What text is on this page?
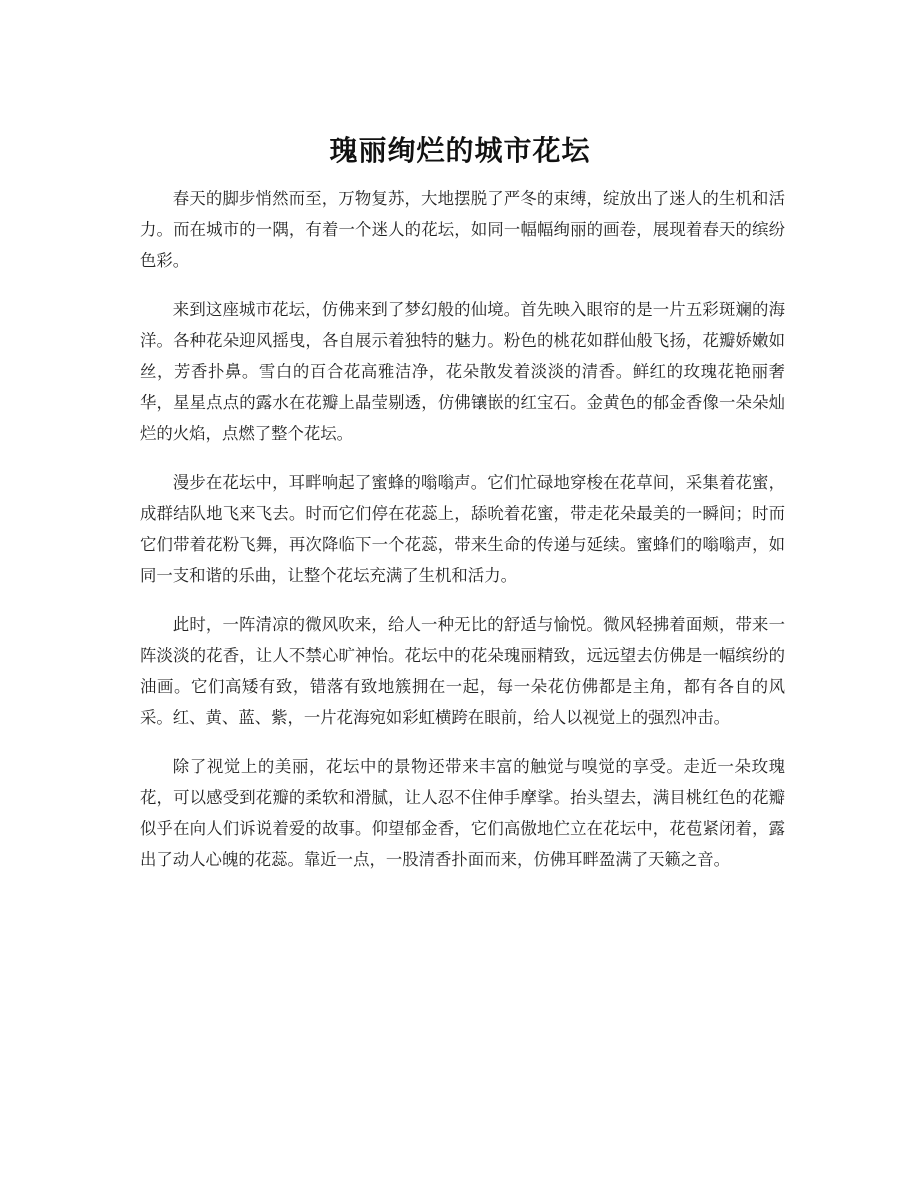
瑰丽绚烂的城市花坛

春天的脚步悄然而至，万物复苏，大地摆脱了严冬的束缚，绽放出了迷人的生机和活力。而在城市的一隅，有着一个迷人的花坛，如同一幅幅绚丽的画卷，展现着春天的缤纷色彩。

来到这座城市花坛，仿佛来到了梦幻般的仙境。首先映入眼帘的是一片五彩斑斓的海洋。各种花朵迎风摇曳，各自展示着独特的魅力。粉色的桃花如群仙般飞扬，花瓣娇嫩如丝，芳香扑鼻。雪白的百合花高雅洁净，花朵散发着淡淡的清香。鲜红的玫瑰花艳丽奢华，星星点点的露水在花瓣上晶莹剔透，仿佛镶嵌的红宝石。金黄色的郁金香像一朵朵灿烂的火焰，点燃了整个花坛。

漫步在花坛中，耳畔响起了蜜蜂的嗡嗡声。它们忙碌地穿梭在花草间，采集着花蜜，成群结队地飞来飞去。时而它们停在花蕊上，舔吮着花蜜，带走花朵最美的一瞬间；时而它们带着花粉飞舞，再次降临下一个花蕊，带来生命的传递与延续。蜜蜂们的嗡嗡声，如同一支和谐的乐曲，让整个花坛充满了生机和活力。

此时，一阵清凉的微风吹来，给人一种无比的舒适与愉悦。微风轻拂着面颊，带来一阵淡淡的花香，让人不禁心旷神怡。花坛中的花朵瑰丽精致，远远望去仿佛是一幅缤纷的油画。它们高矮有致，错落有致地簇拥在一起，每一朵花仿佛都是主角，都有各自的风采。红、黄、蓝、紫，一片花海宛如彩虹横跨在眼前，给人以视觉上的强烈冲击。

除了视觉上的美丽，花坛中的景物还带来丰富的触觉与嗅觉的享受。走近一朵玫瑰花，可以感受到花瓣的柔软和滑腻，让人忍不住伸手摩挲。抬头望去，满目桃红色的花瓣似乎在向人们诉说着爱的故事。仰望郁金香，它们高傲地伫立在花坛中，花苞紧闭着，露出了动人心魄的花蕊。靠近一点，一股清香扑面而来，仿佛耳畔盈满了天籁之音。
